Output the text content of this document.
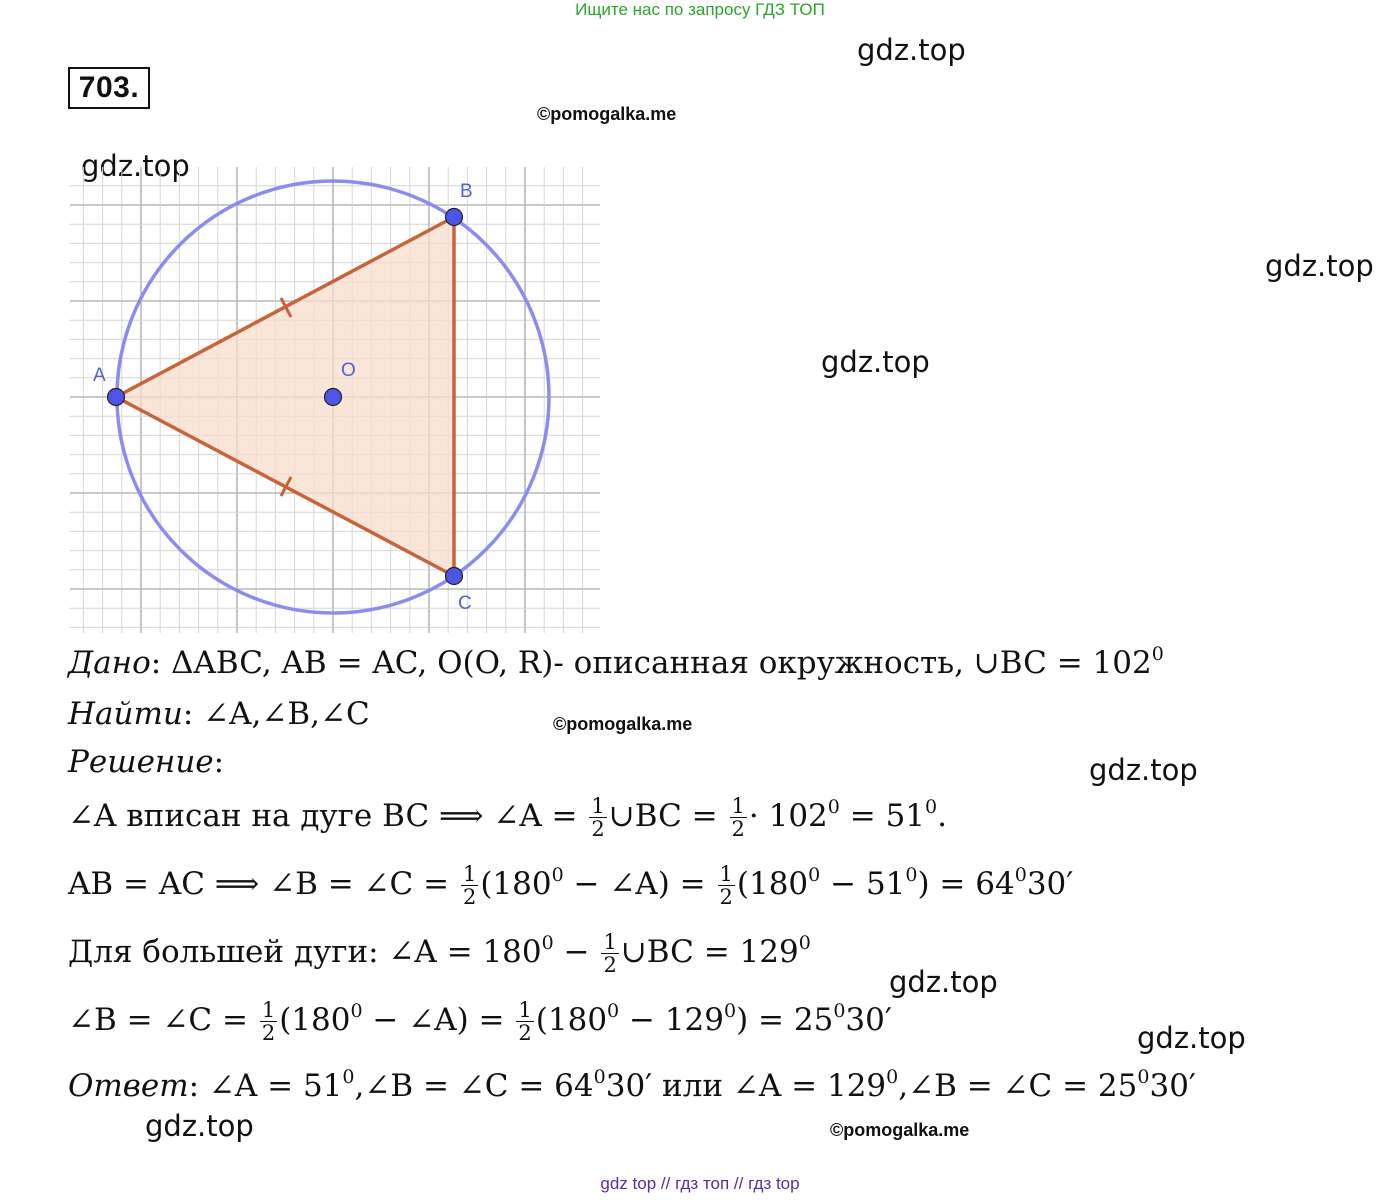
Ищите нас по запросу ГДЗ ТОП
703.
gdz.top
gdz.top
gdz.top
gdz.top
gdz.top
gdz.top
gdz.top
gdz.top
©pomogalka.me
©pomogalka.me
©pomogalka.me
A
B
C
O
Дано: ΔABC, AB = AC, O(O, R)- описанная окружность, ∪BC = $102^0$
Найти: ∠A,∠B,∠C
Решение:
∠A вписан на дуге BC ⟹ ∠A = $\frac{1}{2}$ ∪BC = $\frac{1}{2} \cdot 102^0 = 51^0$.
AB = AC ⟹ ∠B = ∠C = $\frac{1}{2} (180^0$ − ∠A) = $\frac{1}{2} (180^0 - 51^0) = 64^030'$
Для большей дуги: ∠A = $180^0 - \frac{1}{2}$ ∪BC = $129^0$
∠B = ∠C = $\frac{1}{2} (180^0$ − ∠A) = $\frac{1}{2} (180^0 - 129^0) = 25^030'$
Ответ: ∠A = $51^0,\angle B$ = ∠C = $64^030'$ или ∠A = $129^0,\angle B$ = ∠C = $25^030'$
gdz top // гдз топ // гдз top
